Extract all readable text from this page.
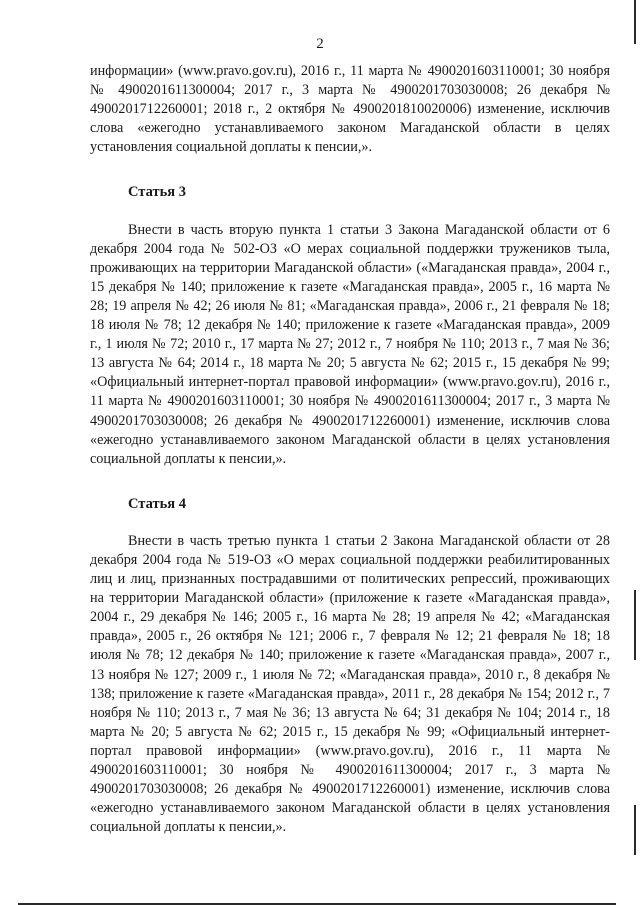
2

информации» (www.pravo.gov.ru), 2016 г., 11 марта № 4900201603110001; 30 ноября № 4900201611300004; 2017 г., 3 марта № 4900201703030008; 26 декабря № 4900201712260001; 2018 г., 2 октября № 4900201810020006) изменение, исключив слова «ежегодно устанавливаемого законом Магаданской области в целях установления социальной доплаты к пенсии,».

Статья 3

Внести в часть вторую пункта 1 статьи 3 Закона Магаданской области от 6 декабря 2004 года № 502-ОЗ «О мерах социальной поддержки тружеников тыла, проживающих на территории Магаданской области» («Магаданская правда», 2004 г., 15 декабря № 140; приложение к газете «Магаданская правда», 2005 г., 16 марта № 28; 19 апреля № 42; 26 июля № 81; «Магаданская правда», 2006 г., 21 февраля № 18; 18 июля № 78; 12 декабря № 140; приложение к газете «Магаданская правда», 2009 г., 1 июля № 72; 2010 г., 17 марта № 27; 2012 г., 7 ноября № 110; 2013 г., 7 мая № 36; 13 августа № 64; 2014 г., 18 марта № 20; 5 августа № 62; 2015 г., 15 декабря № 99; «Официальный интернет-портал правовой информации» (www.pravo.gov.ru), 2016 г., 11 марта № 4900201603110001; 30 ноября № 4900201611300004; 2017 г., 3 марта № 4900201703030008; 26 декабря № 4900201712260001) изменение, исключив слова «ежегодно устанавливаемого законом Магаданской области в целях установления социальной доплаты к пенсии,».

Статья 4

Внести в часть третью пункта 1 статьи 2 Закона Магаданской области от 28 декабря 2004 года № 519-ОЗ «О мерах социальной поддержки реабилитированных лиц и лиц, признанных пострадавшими от политических репрессий, проживающих на территории Магаданской области» (приложение к газете «Магаданская правда», 2004 г., 29 декабря № 146; 2005 г., 16 марта № 28; 19 апреля № 42; «Магаданская правда», 2005 г., 26 октября № 121; 2006 г., 7 февраля № 12; 21 февраля № 18; 18 июля № 78; 12 декабря № 140; приложение к газете «Магаданская правда», 2007 г., 13 ноября № 127; 2009 г., 1 июля № 72; «Магаданская правда», 2010 г., 8 декабря № 138; приложение к газете «Магаданская правда», 2011 г., 28 декабря № 154; 2012 г., 7 ноября № 110; 2013 г., 7 мая № 36; 13 августа № 64; 31 декабря № 104; 2014 г., 18 марта № 20; 5 августа № 62; 2015 г., 15 декабря № 99; «Официальный интернет-портал правовой информации» (www.pravo.gov.ru), 2016 г., 11 марта № 4900201603110001; 30 ноября № 4900201611300004; 2017 г., 3 марта № 4900201703030008; 26 декабря № 4900201712260001) изменение, исключив слова «ежегодно устанавливаемого законом Магаданской области в целях установления социальной доплаты к пенсии,».
